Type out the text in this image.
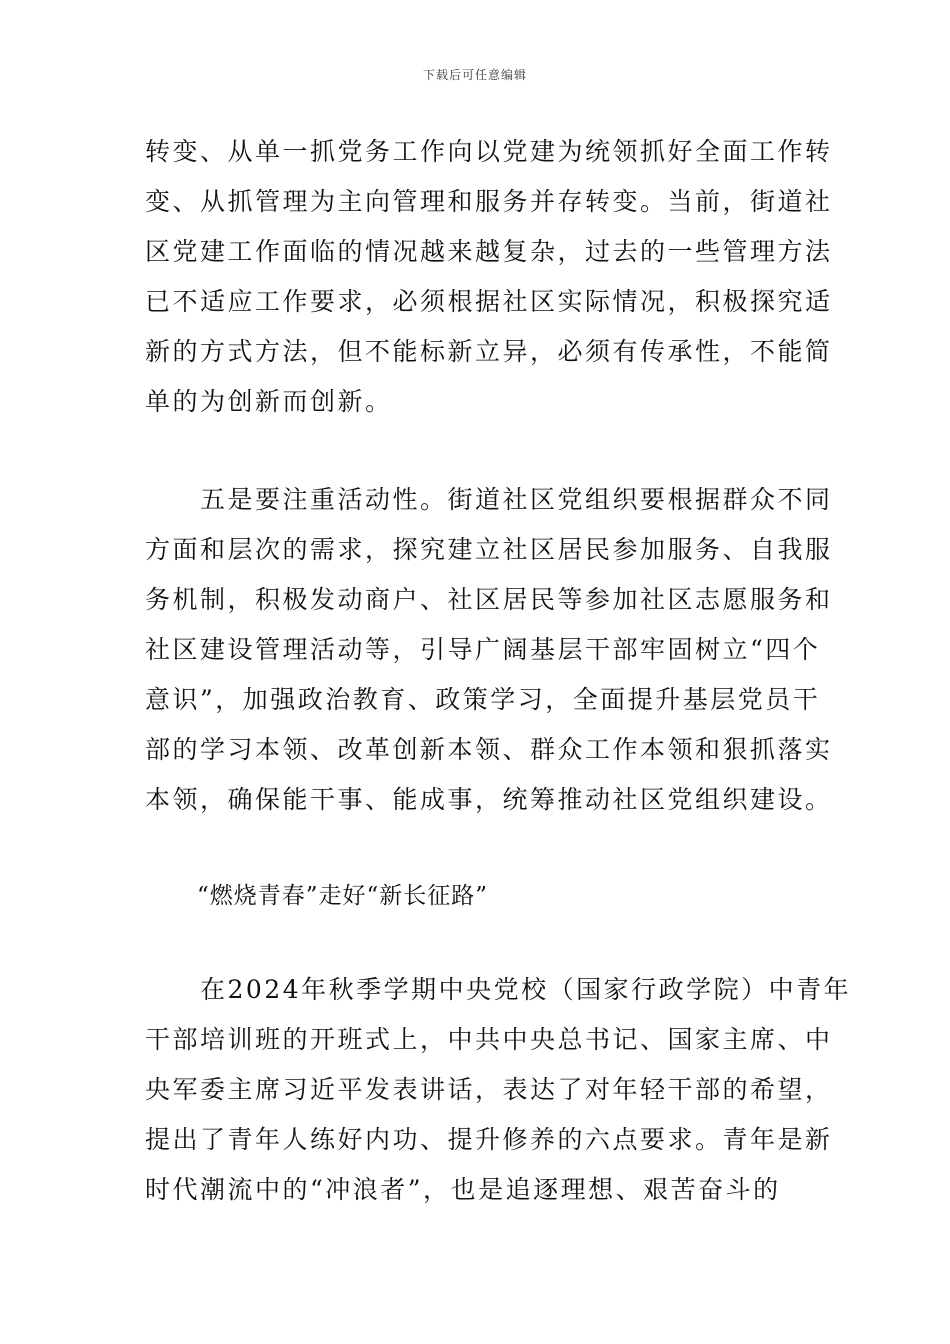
下载后可任意编辑

转变、从单一抓党务工作向以党建为统领抓好全面工作转
变、从抓管理为主向管理和服务并存转变。当前，街道社
区党建工作面临的情况越来越复杂，过去的一些管理方法
已不适应工作要求，必须根据社区实际情况，积极探究适
新的方式方法，但不能标新立异，必须有传承性，不能简
单的为创新而创新。

　　五是要注重活动性。街道社区党组织要根据群众不同
方面和层次的需求，探究建立社区居民参加服务、自我服
务机制，积极发动商户、社区居民等参加社区志愿服务和
社区建设管理活动等，引导广阔基层干部牢固树立“四个
意识”，加强政治教育、政策学习，全面提升基层党员干
部的学习本领、改革创新本领、群众工作本领和狠抓落实
本领，确保能干事、能成事，统筹推动社区党组织建设。

“燃烧青春”走好“新长征路”

　　在2024年秋季学期中央党校（国家行政学院）中青年
干部培训班的开班式上，中共中央总书记、国家主席、中
央军委主席习近平发表讲话，表达了对年轻干部的希望，
提出了青年人练好内功、提升修养的六点要求。青年是新
时代潮流中的“冲浪者”，也是追逐理想、艰苦奋斗的
